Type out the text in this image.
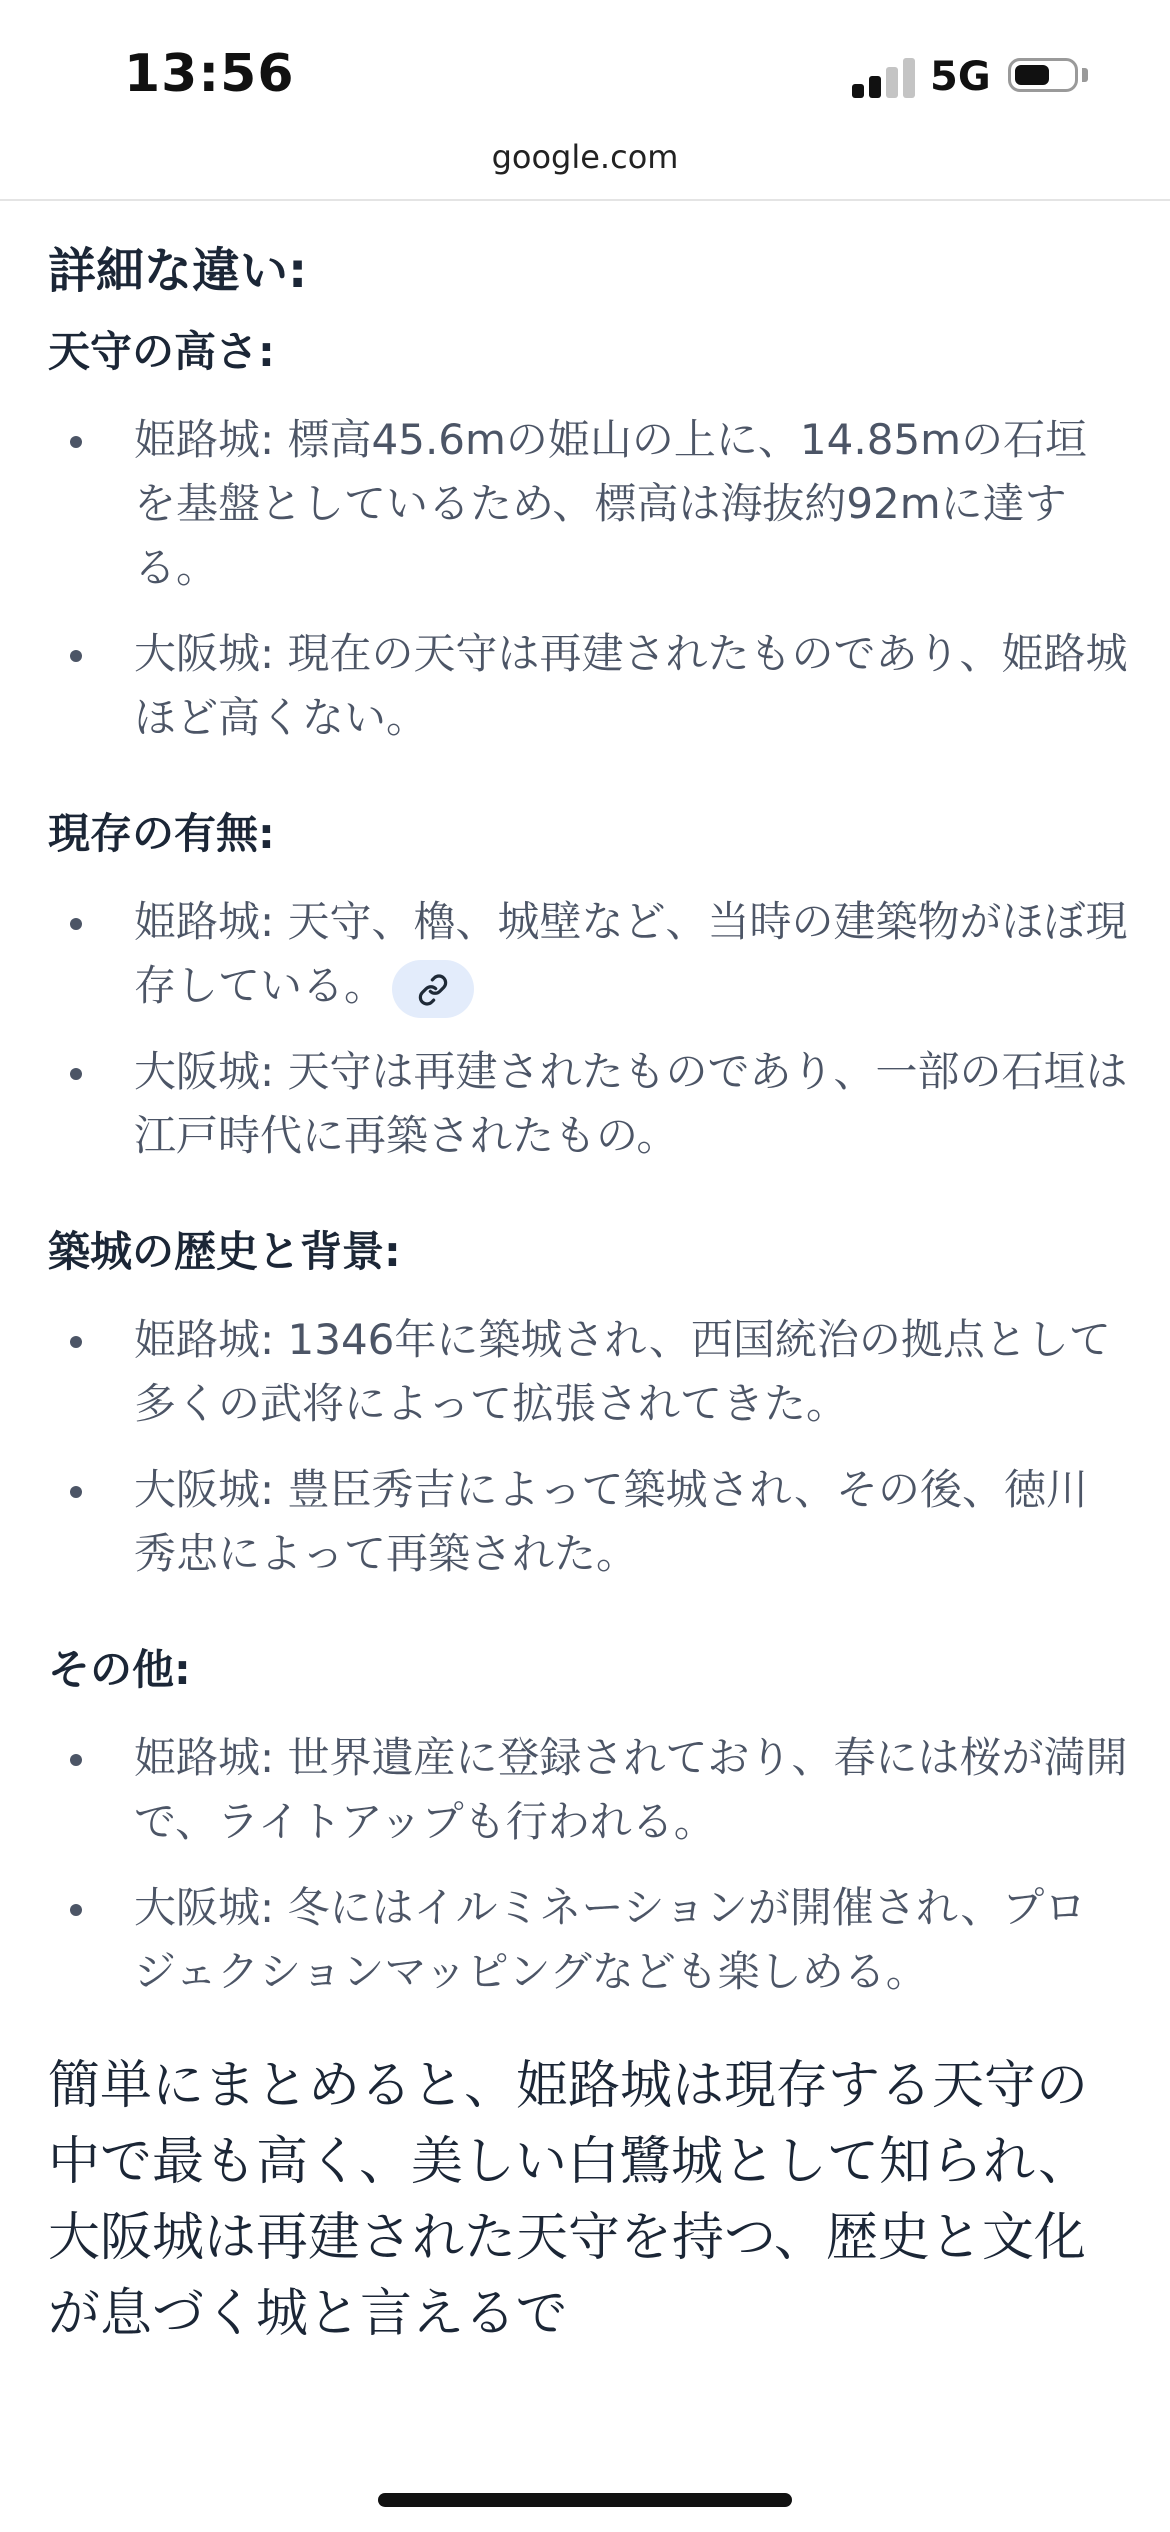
13:56	5G
google.com
詳細な違い:
天守の高さ:
姫路城: 標高45.6mの姫山の上に、14.85mの石垣を基盤としているため、標高は海抜約92mに達する。
大阪城: 現在の天守は再建されたものであり、姫路城ほど高くない。
現存の有無:
姫路城: 天守、櫓、城壁など、当時の建築物がほぼ現存している。
大阪城: 天守は再建されたものであり、一部の石垣は江戸時代に再築されたもの。
築城の歴史と背景:
姫路城: 1346年に築城され、西国統治の拠点として多くの武将によって拡張されてきた。
大阪城: 豊臣秀吉によって築城され、その後、徳川秀忠によって再築された。
その他:
姫路城: 世界遺産に登録されており、春には桜が満開で、ライトアップも行われる。
大阪城: 冬にはイルミネーションが開催され、プロジェクションマッピングなども楽しめる。

簡単にまとめると、姫路城は現存する天守の中で最も高く、美しい白鷺城として知られ、大阪城は再建された天守を持つ、歴史と文化が息づく城と言えるで
